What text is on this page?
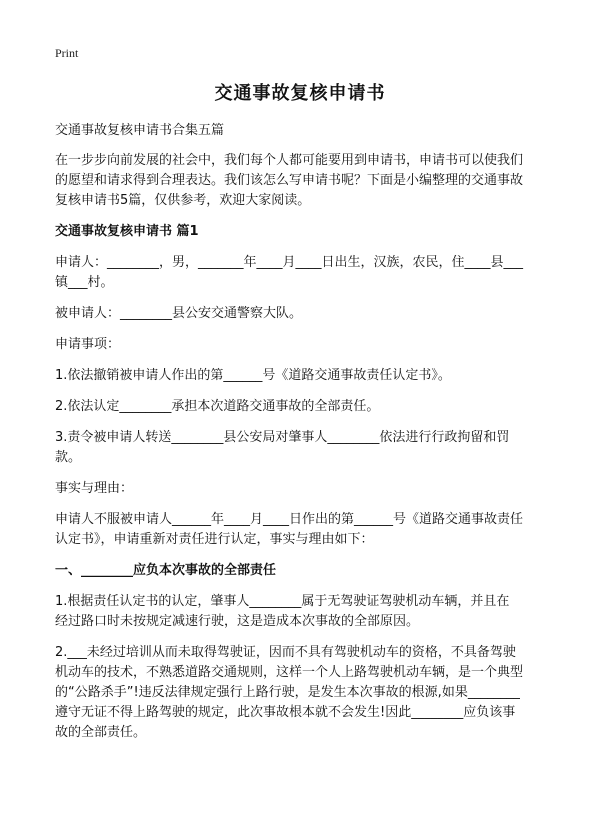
Print
交通事故复核申请书
交通事故复核申请书合集五篇
在一步步向前发展的社会中，我们每个人都可能要用到申请书，申请书可以使我们
的愿望和请求得到合理表达。我们该怎么写申请书呢？下面是小编整理的交通事故
复核申请书5篇，仅供参考，欢迎大家阅读。
交通事故复核申请书 篇1
申请人：________，男，_______年____月____日出生，汉族，农民，住____县___
镇___村。
被申请人：________县公安交通警察大队。
申请事项：
1.依法撤销被申请人作出的第______号《道路交通事故责任认定书》。
2.依法认定________承担本次道路交通事故的全部责任。
3.责令被申请人转送________县公安局对肇事人________依法进行行政拘留和罚
款。
事实与理由：
申请人不服被申请人______年____月____日作出的第______号《道路交通事故责任
认定书》，申请重新对责任进行认定，事实与理由如下：
一、________应负本次事故的全部责任
1.根据责任认定书的认定，肇事人________属于无驾驶证驾驶机动车辆，并且在
经过路口时未按规定减速行驶，这是造成本次事故的全部原因。
2.___未经过培训从而未取得驾驶证，因而不具有驾驶机动车的资格，不具备驾驶
机动车的技术，不熟悉道路交通规则，这样一个人上路驾驶机动车辆，是一个典型
的“公路杀手”!违反法律规定强行上路行驶，是发生本次事故的根源,如果________
遵守无证不得上路驾驶的规定，此次事故根本就不会发生!因此________应负该事
故的全部责任。
